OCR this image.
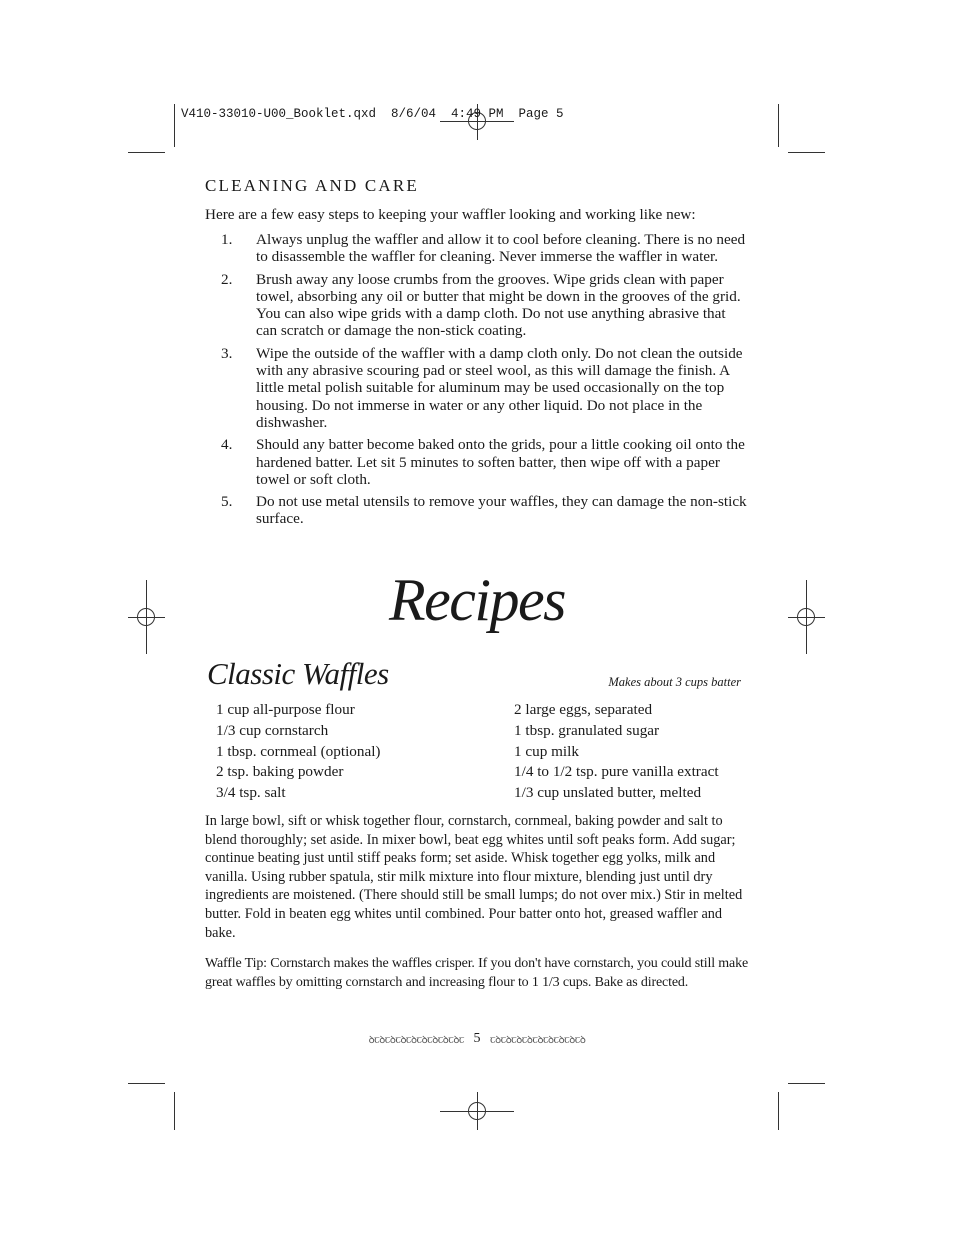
V410-33010-U00_Booklet.qxd  8/6/04  4:49 PM  Page 5
CLEANING AND CARE
Here are a few easy steps to keeping your waffler looking and working like new:
1. Always unplug the waffler and allow it to cool before cleaning. There is no need to disassemble the waffler for cleaning. Never immerse the waffler in water.
2. Brush away any loose crumbs from the grooves. Wipe grids clean with paper towel, absorbing any oil or butter that might be down in the grooves of the grid. You can also wipe grids with a damp cloth. Do not use anything abrasive that can scratch or damage the non-stick coating.
3. Wipe the outside of the waffler with a damp cloth only. Do not clean the outside with any abrasive scouring pad or steel wool, as this will damage the finish. A little metal polish suitable for aluminum may be used occasionally on the top housing. Do not immerse in water or any other liquid. Do not place in the dishwasher.
4. Should any batter become baked onto the grids, pour a little cooking oil onto the hardened batter. Let sit 5 minutes to soften batter, then wipe off with a paper towel or soft cloth.
5. Do not use metal utensils to remove your waffles, they can damage the non-stick surface.
Recipes
Classic Waffles	Makes about 3 cups batter
1 cup all-purpose flour
1/3 cup cornstarch
1 tbsp. cornmeal (optional)
2 tsp. baking powder
3/4 tsp. salt
2 large eggs, separated
1 tbsp. granulated sugar
1 cup milk
1/4 to 1/2 tsp. pure vanilla extract
1/3 cup unslated butter, melted

In large bowl, sift or whisk together flour, cornstarch, cornmeal, baking powder and salt to blend thoroughly; set aside. In mixer bowl, beat egg whites until soft peaks form. Add sugar; continue beating just until stiff peaks form; set aside. Whisk together egg yolks, milk and vanilla. Using rubber spatula, stir milk mixture into flour mixture, blending just until dry ingredients are moistened. (There should still be small lumps; do not over mix.) Stir in melted butter. Fold in beaten egg whites until combined. Pour batter onto hot, greased waffler and bake.

Waffle Tip: Cornstarch makes the waffles crisper. If you don't have cornstarch, you could still make great waffles by omitting cornstarch and increasing flour to 1 1/3 cups. Bake as directed.

ꝺꞇꝺꞇꝺꞇꝺꞇꝺꞇꝺꞇꝺꞇꝺꞇꝺꞇ 5 ꞇꝺꞇꝺꞇꝺꞇꝺꞇꝺꞇꝺꞇꝺꞇꝺꞇꝺ
